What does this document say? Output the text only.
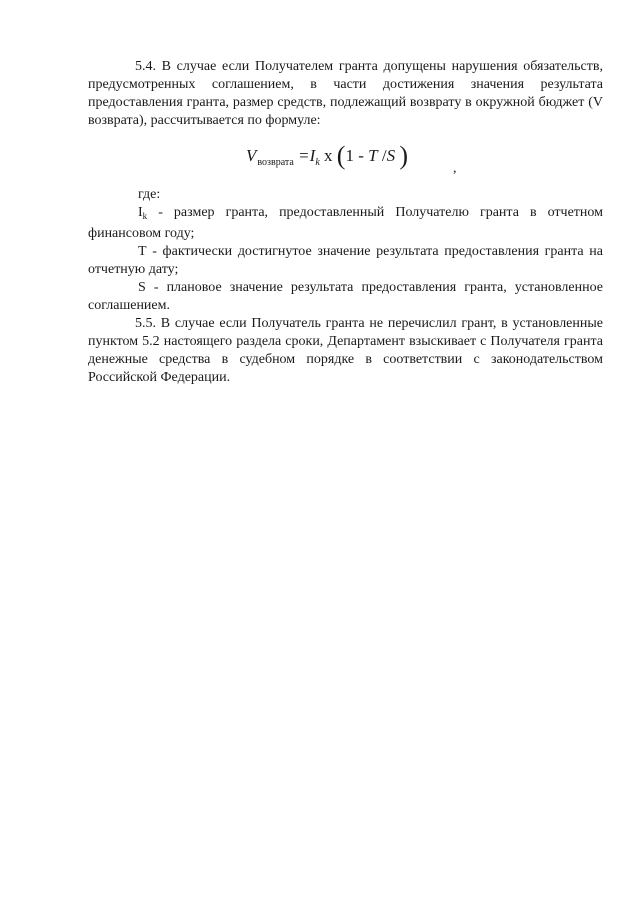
5.4. В случае если Получателем гранта допущены нарушения обязательств, предусмотренных соглашением, в части достижения значения результата предоставления гранта, размер средств, подлежащий возврату в окружной бюджет (V возврата), рассчитывается по формуле:

$V_{возврата} =I_k$ x (1 - T /S )	,

где:

$I_k$ - размер гранта, предоставленный Получателю гранта в отчетном финансовом году;

Т - фактически достигнутое значение результата предоставления гранта на отчетную дату;

S - плановое значение результата предоставления гранта, установленное соглашением.

5.5. В случае если Получатель гранта не перечислил грант, в установленные пунктом 5.2 настоящего раздела сроки, Департамент взыскивает с Получателя гранта денежные средства в судебном порядке в соответствии с законодательством Российской Федерации.
